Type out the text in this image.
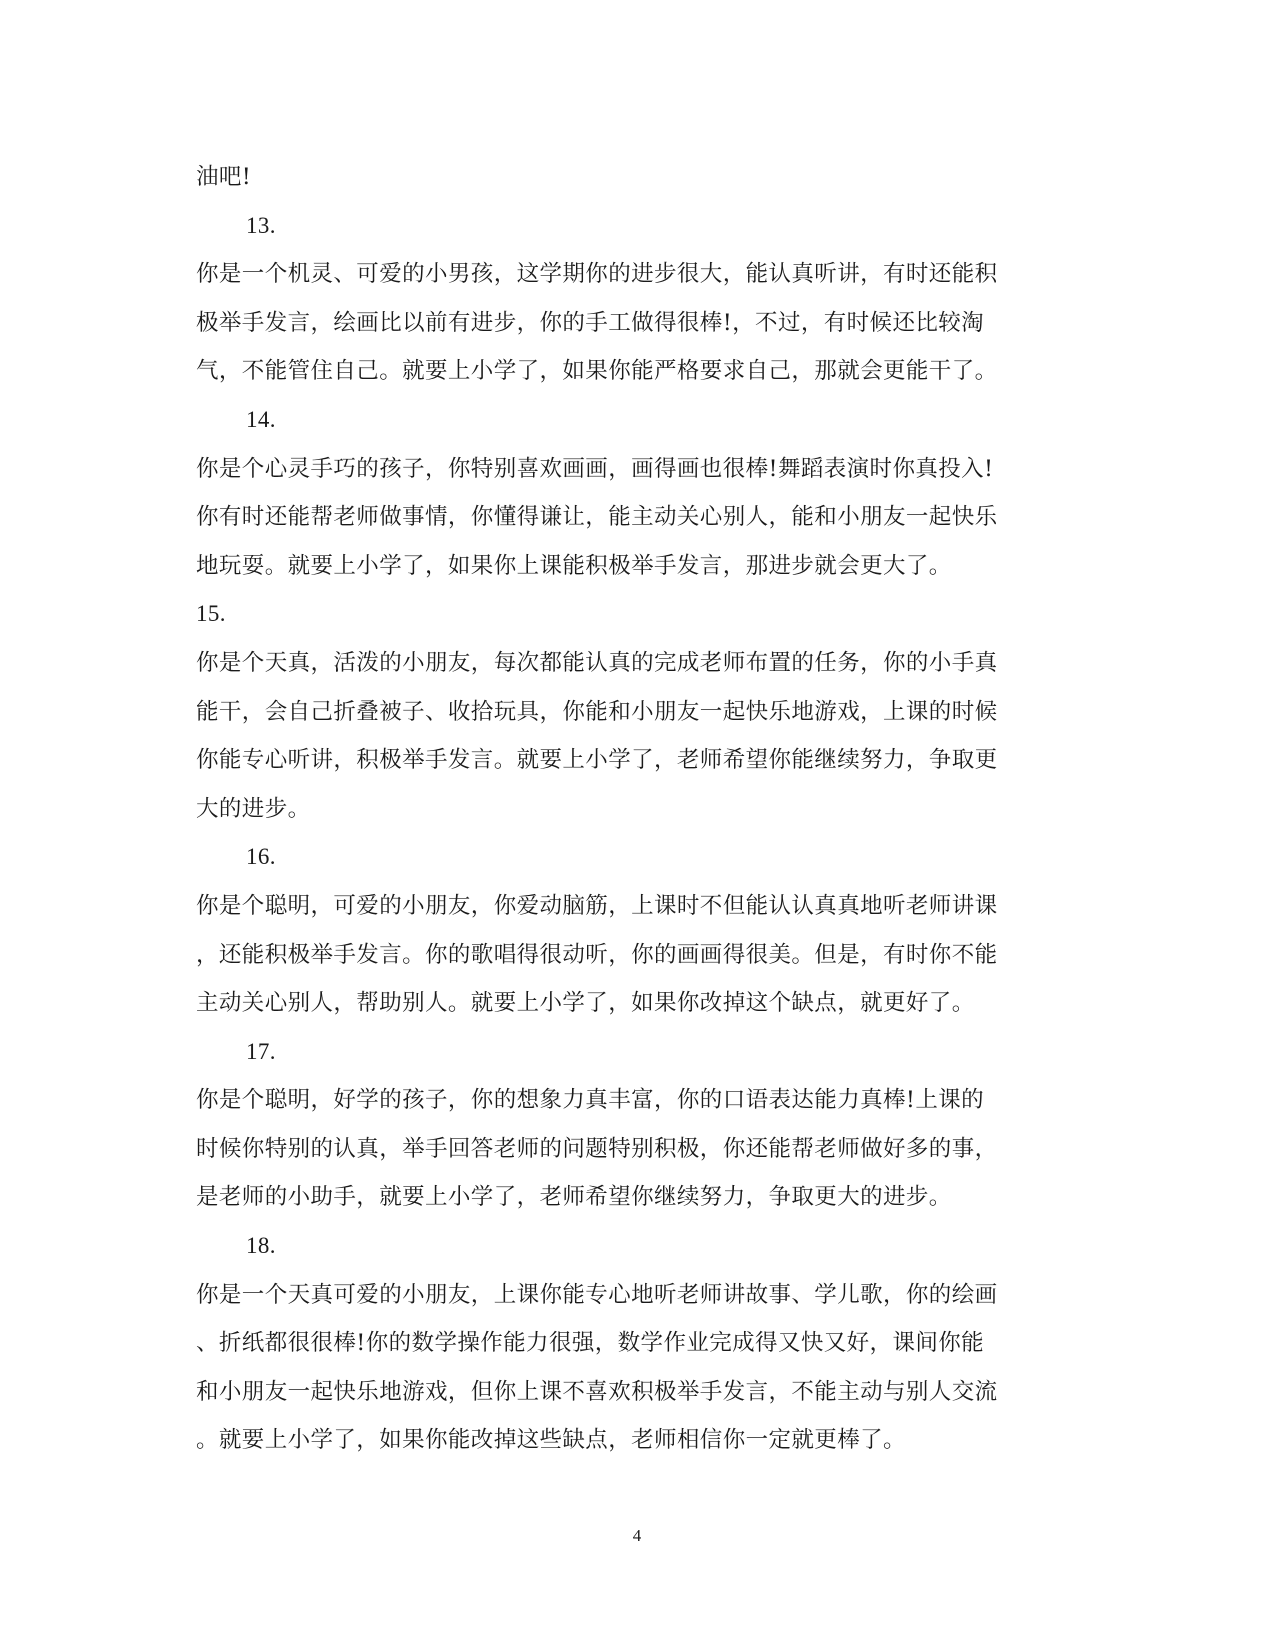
油吧!
13.
你是一个机灵、可爱的小男孩，这学期你的进步很大，能认真听讲，有时还能积
极举手发言，绘画比以前有进步，你的手工做得很棒!，不过，有时候还比较淘
气，不能管住自己。就要上小学了，如果你能严格要求自己，那就会更能干了。
14.
你是个心灵手巧的孩子，你特别喜欢画画，画得画也很棒!舞蹈表演时你真投入!
你有时还能帮老师做事情，你懂得谦让，能主动关心别人，能和小朋友一起快乐
地玩耍。就要上小学了，如果你上课能积极举手发言，那进步就会更大了。
15.
你是个天真，活泼的小朋友，每次都能认真的完成老师布置的任务，你的小手真
能干，会自己折叠被子、收拾玩具，你能和小朋友一起快乐地游戏，上课的时候
你能专心听讲，积极举手发言。就要上小学了，老师希望你能继续努力，争取更
大的进步。
16.
你是个聪明，可爱的小朋友，你爱动脑筋，上课时不但能认认真真地听老师讲课
，还能积极举手发言。你的歌唱得很动听，你的画画得很美。但是，有时你不能
主动关心别人，帮助别人。就要上小学了，如果你改掉这个缺点，就更好了。
17.
你是个聪明，好学的孩子，你的想象力真丰富，你的口语表达能力真棒!上课的
时候你特别的认真，举手回答老师的问题特别积极，你还能帮老师做好多的事，
是老师的小助手，就要上小学了，老师希望你继续努力，争取更大的进步。
18.
你是一个天真可爱的小朋友，上课你能专心地听老师讲故事、学儿歌，你的绘画
、折纸都很很棒!你的数学操作能力很强，数学作业完成得又快又好，课间你能
和小朋友一起快乐地游戏，但你上课不喜欢积极举手发言，不能主动与别人交流
。就要上小学了，如果你能改掉这些缺点，老师相信你一定就更棒了。
4
